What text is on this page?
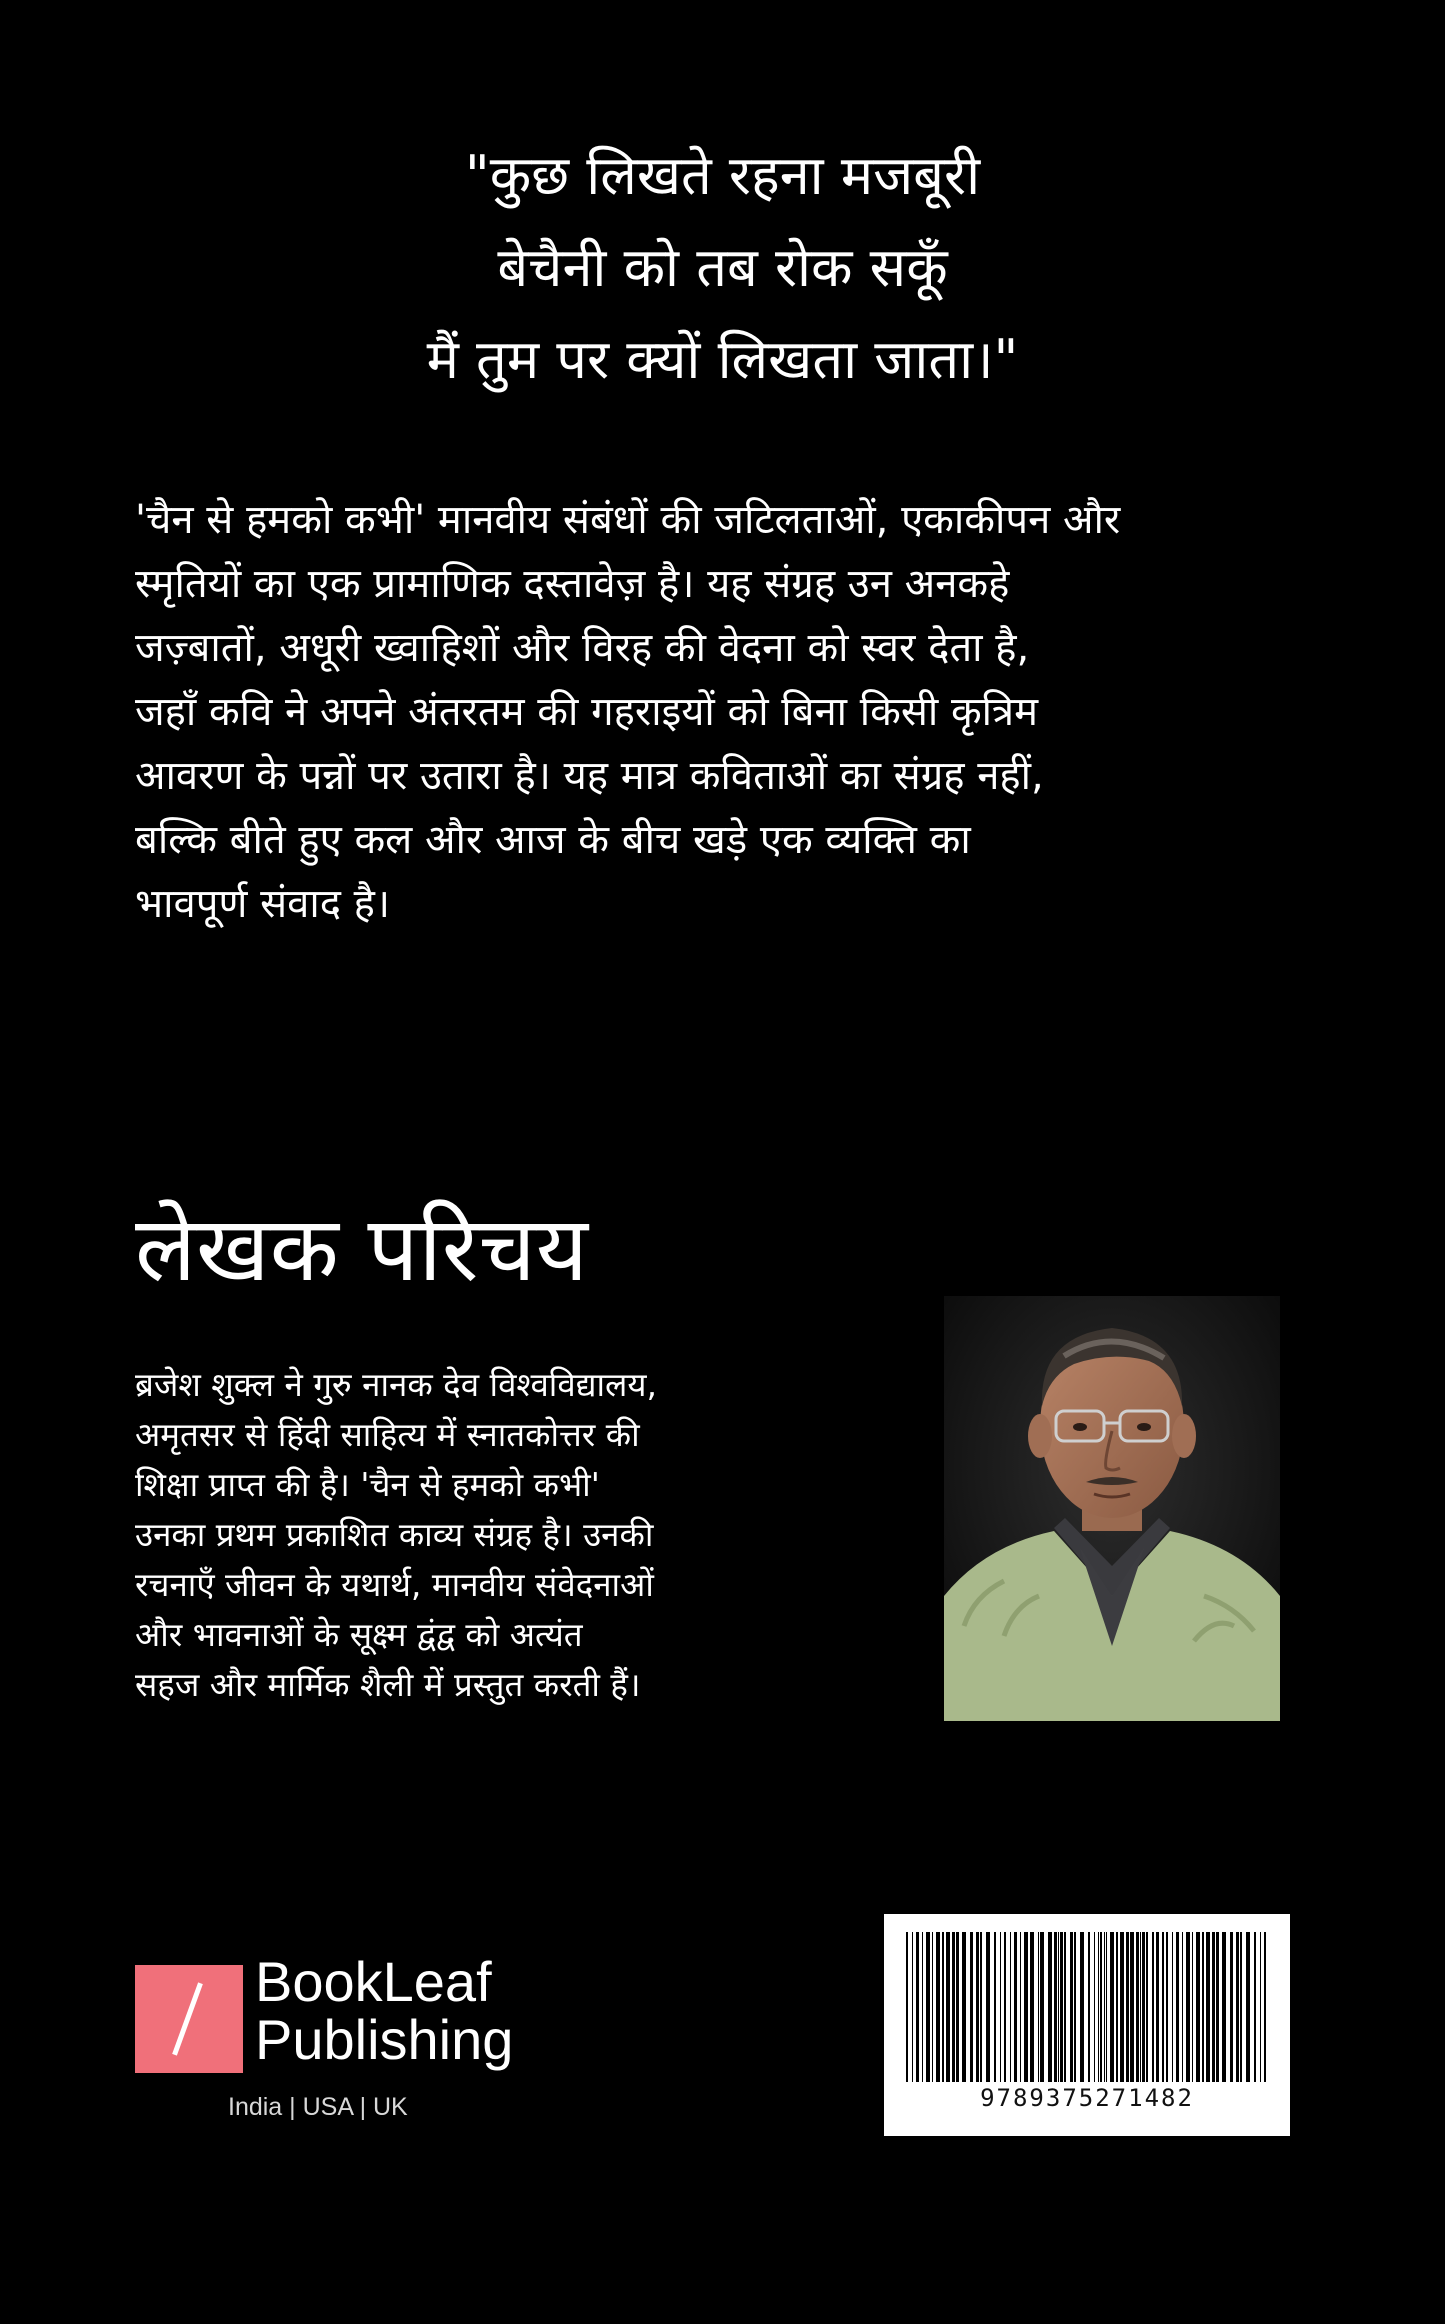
"कुछ लिखते रहना मजबूरी
बेचैनी को तब रोक सकूँ
मैं तुम पर क्यों लिखता जाता।"
'चैन से हमको कभी' मानवीय संबंधों की जटिलताओं, एकाकीपन और
स्मृतियों का एक प्रामाणिक दस्तावेज़ है। यह संग्रह उन अनकहे
जज़्बातों, अधूरी ख्वाहिशों और विरह की वेदना को स्वर देता है,
जहाँ कवि ने अपने अंतरतम की गहराइयों को बिना किसी कृत्रिम
आवरण के पन्नों पर उतारा है। यह मात्र कविताओं का संग्रह नहीं,
बल्कि बीते हुए कल और आज के बीच खड़े एक व्यक्ति का
भावपूर्ण संवाद है।
लेखक परिचय
ब्रजेश शुक्ल ने गुरु नानक देव विश्वविद्यालय,
अमृतसर से हिंदी साहित्य में स्नातकोत्तर की
शिक्षा प्राप्त की है। 'चैन से हमको कभी'
उनका प्रथम प्रकाशित काव्य संग्रह है। उनकी
रचनाएँ जीवन के यथार्थ, मानवीय संवेदनाओं
और भावनाओं के सूक्ष्म द्वंद्व को अत्यंत
सहज और मार्मिक शैली में प्रस्तुत करती हैं।
BookLeaf
Publishing
India | USA | UK	9789375271482
